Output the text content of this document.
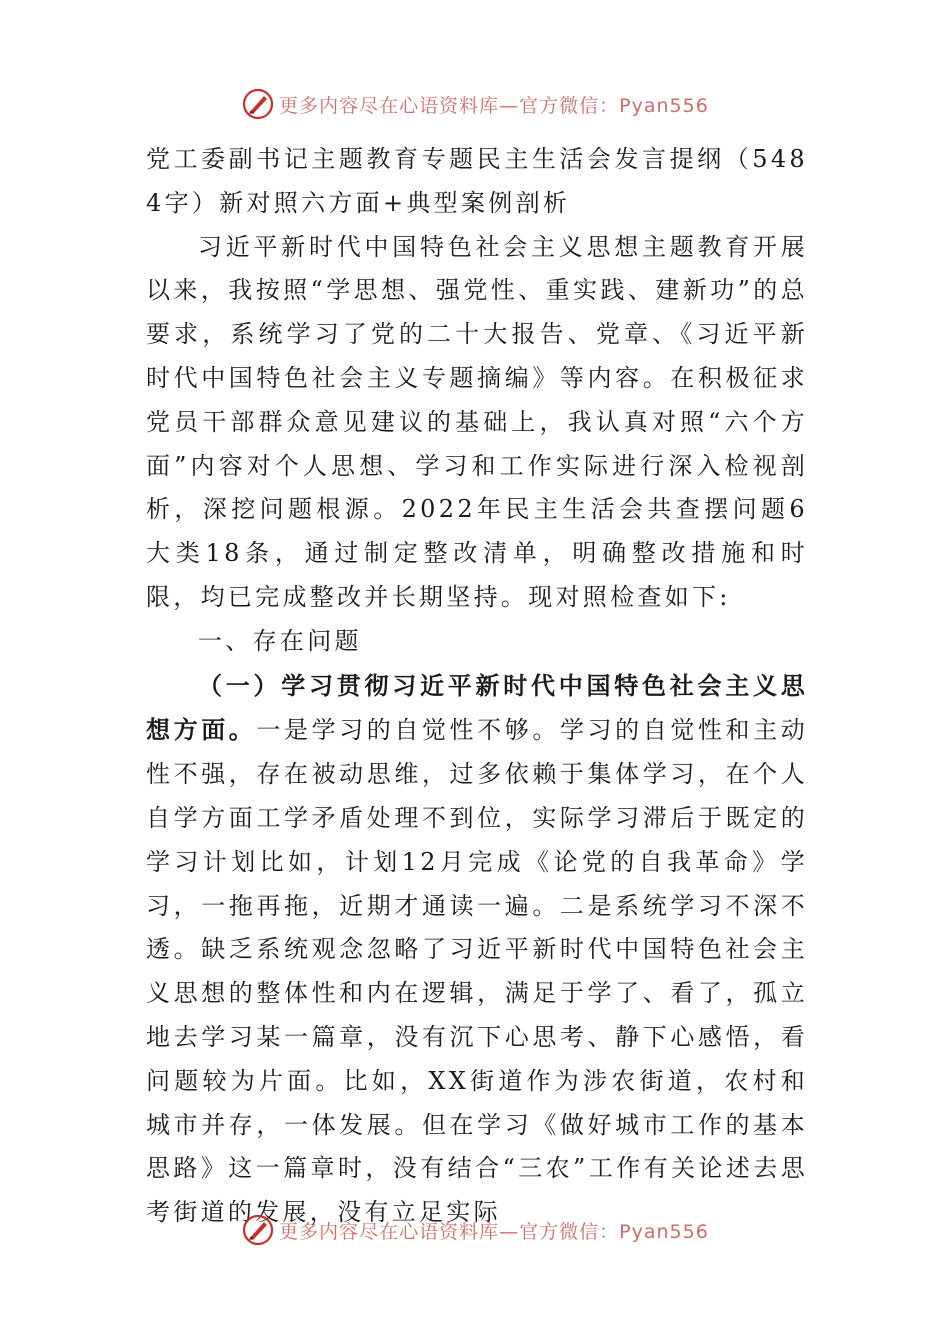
更多内容尽在心语资料库—官方微信：Pyan556

党工委副书记主题教育专题民主生活会发言提纲（5484字）新对照六方面+典型案例剖析

习近平新时代中国特色社会主义思想主题教育开展以来，我按照“学思想、强党性、重实践、建新功”的总要求，系统学习了党的二十大报告、党章、《习近平新时代中国特色社会主义专题摘编》等内容。在积极征求党员干部群众意见建议的基础上，我认真对照“六个方面”内容对个人思想、学习和工作实际进行深入检视剖析，深挖问题根源。2022年民主生活会共查摆问题6大类18条，通过制定整改清单，明确整改措施和时限，均已完成整改并长期坚持。现对照检查如下:

一、存在问题

（一）学习贯彻习近平新时代中国特色社会主义思想方面。一是学习的自觉性不够。学习的自觉性和主动性不强，存在被动思维，过多依赖于集体学习，在个人自学方面工学矛盾处理不到位，实际学习滞后于既定的学习计划比如，计划12月完成《论党的自我革命》学习，一拖再拖，近期才通读一遍。二是系统学习不深不透。缺乏系统观念忽略了习近平新时代中国特色社会主义思想的整体性和内在逻辑，满足于学了、看了，孤立地去学习某一篇章，没有沉下心思考、静下心感悟，看问题较为片面。比如，XX街道作为涉农街道，农村和城市并存，一体发展。但在学习《做好城市工作的基本思路》这一篇章时，没有结合“三农”工作有关论述去思考街道的发展，没有立足实际

更多内容尽在心语资料库—官方微信：Pyan556
